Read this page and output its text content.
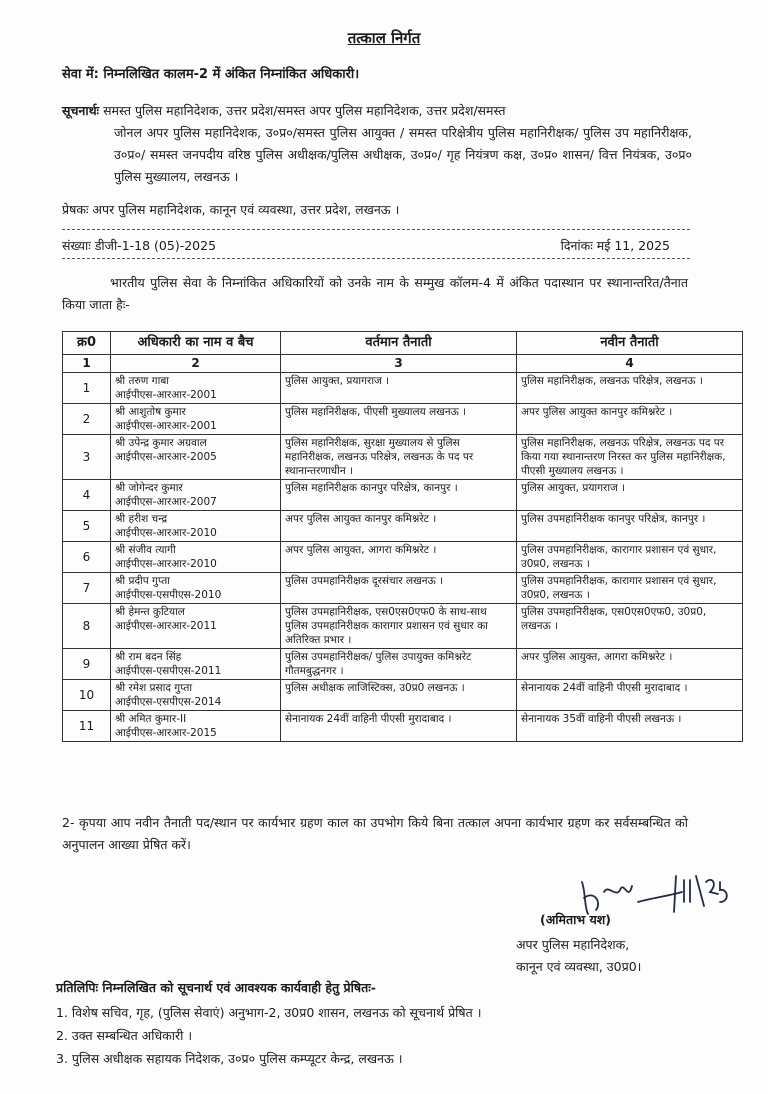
तत्काल निर्गत
सेवा में: निम्नलिखित कालम-2 में अंकित निम्नांकित अधिकारी।
सूचनार्थः समस्त पुलिस महानिदेशक, उत्तर प्रदेश/समस्त अपर पुलिस महानिदेशक, उत्तर प्रदेश/समस्त
जोनल अपर पुलिस महानिदेशक, उ०प्र०/समस्त पुलिस आयुक्त / समस्त परिक्षेत्रीय पुलिस महानिरीक्षक/ पुलिस उप महानिरीक्षक, उ०प्र०/ समस्त जनपदीय वरिष्ठ पुलिस अधीक्षक/पुलिस अधीक्षक, उ०प्र०/ गृह नियंत्रण कक्ष, उ०प्र० शासन/ वित्त नियंत्रक, उ०प्र० पुलिस मुख्यालय, लखनऊ ।
प्रेषकः अपर पुलिस महानिदेशक, कानून एवं व्यवस्था, उत्तर प्रदेश, लखनऊ ।
संख्याः डीजी-1-18 (05)-2025	दिनांकः मई 11, 2025
भारतीय पुलिस सेवा के निम्नांकित अधिकारियों को उनके नाम के सम्मुख कॉलम-4 में अंकित पदास्थान पर स्थानान्तरित/तैनात किया जाता हैः-
क्र0	अधिकारी का नाम व बैच	वर्तमान तैनाती	नवीन तैनाती
1	2	3	4

1	श्री तरुण गाबा
आईपीएस-आरआर-2001	पुलिस आयुक्त, प्रयागराज ।	पुलिस महानिरीक्षक, लखनऊ परिक्षेत्र, लखनऊ ।

2	श्री आशुतोष कुमार
आईपीएस-आरआर-2001	पुलिस महानिरीक्षक, पीएसी मुख्यालय लखनऊ ।	अपर पुलिस आयुक्त कानपुर कमिश्नरेट ।

3	श्री उपेन्द्र कुमार अग्रवाल
आईपीएस-आरआर-2005	पुलिस महानिरीक्षक, सुरक्षा मुख्यालय से पुलिस महानिरीक्षक, लखनऊ परिक्षेत्र, लखनऊ के पद पर स्थानान्तरणाधीन ।	पुलिस महानिरीक्षक, लखनऊ परिक्षेत्र, लखनऊ पद पर किया गया स्थानान्तरण निरस्त कर पुलिस महानिरीक्षक, पीएसी मुख्यालय लखनऊ ।

4	श्री जोगेन्दर कुमार
आईपीएस-आरआर-2007	पुलिस महानिरीक्षक कानपुर परिक्षेत्र, कानपुर ।	पुलिस आयुक्त, प्रयागराज ।

5	श्री हरीश चन्द्र
आईपीएस-आरआर-2010	अपर पुलिस आयुक्त कानपुर कमिश्नरेट ।	पुलिस उपमहानिरीक्षक कानपुर परिक्षेत्र, कानपुर ।

6	श्री संजीव त्यागी
आईपीएस-आरआर-2010	अपर पुलिस आयुक्त, आगरा कमिश्नरेट ।	पुलिस उपमहानिरीक्षक, कारागार प्रशासन एवं सुधार, उ0प्र0, लखनऊ ।

7	श्री प्रदीप गुप्ता
आईपीएस-एसपीएस-2010	पुलिस उपमहानिरीक्षक दूरसंचार लखनऊ ।	पुलिस उपमहानिरीक्षक, कारागार प्रशासन एवं सुधार, उ0प्र0, लखनऊ ।

8	श्री हेमन्त कुटियाल
आईपीएस-आरआर-2011	पुलिस उपमहानिरीक्षक, एस0एस0एफ0 के साथ-साथ पुलिस उपमहानिरीक्षक कारागार प्रशासन एवं सुधार का अतिरिक्त प्रभार ।	पुलिस उपमहानिरीक्षक, एस0एस0एफ0, उ0प्र0, लखनऊ ।

9	श्री राम बदन सिंह
आईपीएस-एसपीएस-2011	पुलिस उपमहानिरीक्षक/ पुलिस उपायुक्त कमिश्नरेट गौतमबुद्धनगर ।	अपर पुलिस आयुक्त, आगरा कमिश्नरेट ।

10	श्री रमेश प्रसाद गुप्ता
आईपीएस-एसपीएस-2014	पुलिस अधीक्षक लाजिस्टिक्स, उ0प्र0 लखनऊ ।	सेनानायक 24वीं वाहिनी पीएसी मुरादाबाद ।

11	श्री अमित कुमार-II
आईपीएस-आरआर-2015	सेनानायक 24वीं वाहिनी पीएसी मुरादाबाद ।	सेनानायक 35वीं वाहिनी पीएसी लखनऊ ।
2- कृपया आप नवीन तैनाती पद/स्थान पर कार्यभार ग्रहण काल का उपभोग किये बिना तत्काल अपना कार्यभार ग्रहण कर सर्वसम्बन्धित को अनुपालन आख्या प्रेषित करें।
(अमिताभ यश)
अपर पुलिस महानिदेशक,
कानून एवं व्यवस्था, उ0प्र0।
प्रतिलिपिः निम्नलिखित को सूचनार्थ एवं आवश्यक कार्यवाही हेतु प्रेषितः-
1. विशेष सचिव, गृह, (पुलिस सेवाएं) अनुभाग-2, उ0प्र0 शासन, लखनऊ को सूचनार्थ प्रेषित ।
2. उक्त सम्बन्धित अधिकारी ।
3. पुलिस अधीक्षक सहायक निदेशक, उ०प्र० पुलिस कम्प्यूटर केन्द्र, लखनऊ ।
